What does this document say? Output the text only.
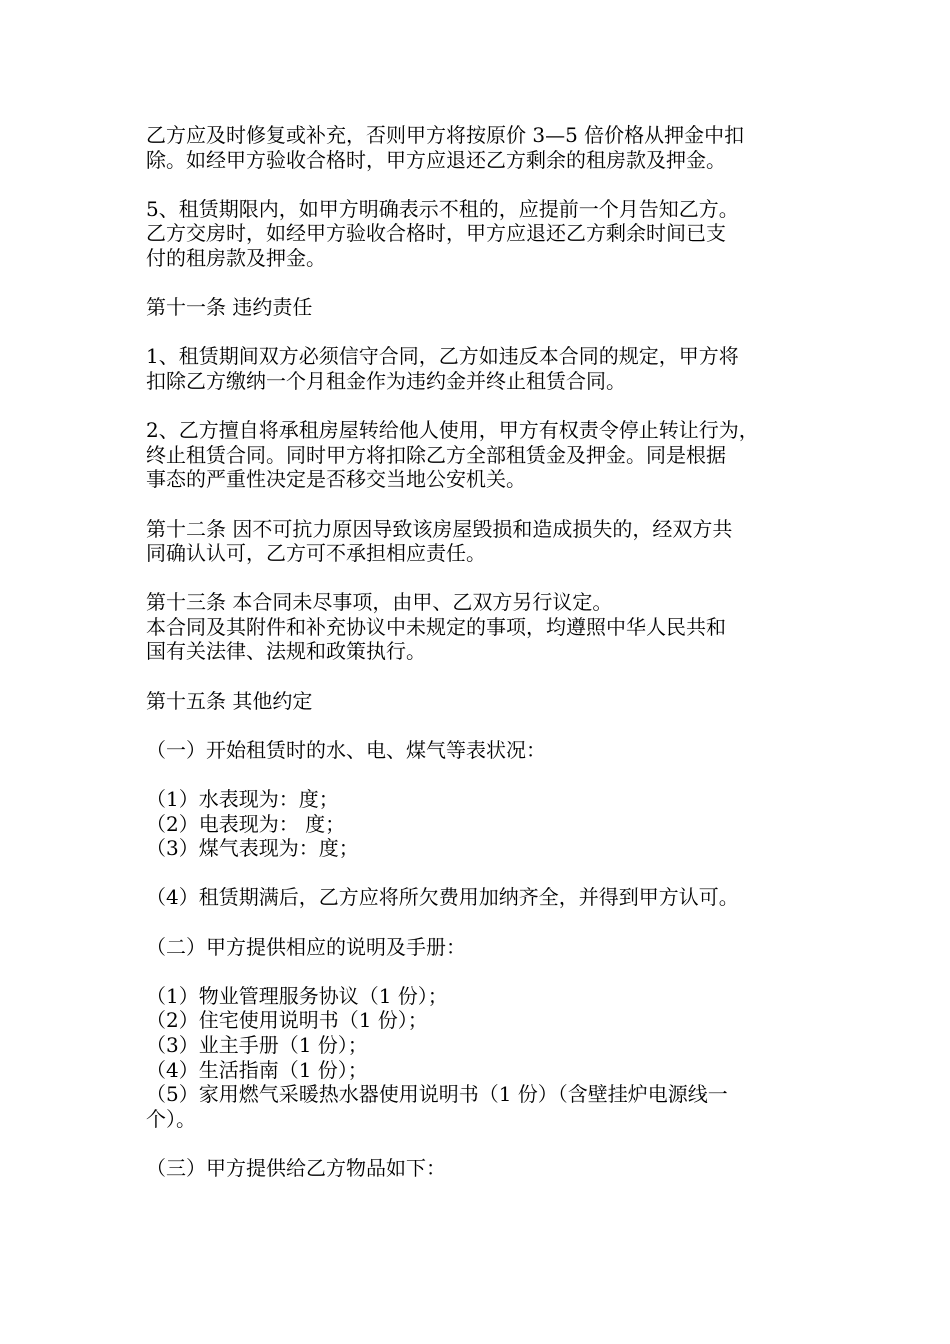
乙方应及时修复或补充，否则甲方将按原价 3—5 倍价格从押金中扣
除。如经甲方验收合格时，甲方应退还乙方剩余的租房款及押金。

5、租赁期限内，如甲方明确表示不租的，应提前一个月告知乙方。
乙方交房时，如经甲方验收合格时，甲方应退还乙方剩余时间已支
付的租房款及押金。

第十一条 违约责任

1、租赁期间双方必须信守合同，乙方如违反本合同的规定，甲方将
扣除乙方缴纳一个月租金作为违约金并终止租赁合同。

2、乙方擅自将承租房屋转给他人使用，甲方有权责令停止转让行为，
终止租赁合同。同时甲方将扣除乙方全部租赁金及押金。同是根据
事态的严重性决定是否移交当地公安机关。

第十二条 因不可抗力原因导致该房屋毁损和造成损失的，经双方共
同确认认可，乙方可不承担相应责任。

第十三条 本合同未尽事项，由甲、乙双方另行议定。
本合同及其附件和补充协议中未规定的事项，均遵照中华人民共和
国有关法律、法规和政策执行。

第十五条 其他约定

（一）开始租赁时的水、电、煤气等表状况：

（1）水表现为：度；
（2）电表现为： 度；
（3）煤气表现为：度；

（4）租赁期满后，乙方应将所欠费用加纳齐全，并得到甲方认可。

（二）甲方提供相应的说明及手册：

（1）物业管理服务协议（1 份）；
（2）住宅使用说明书（1 份）；
（3）业主手册（1 份）；
（4）生活指南（1 份）；
（5）家用燃气采暖热水器使用说明书（1 份）（含壁挂炉电源线一
个）。

（三）甲方提供给乙方物品如下：
